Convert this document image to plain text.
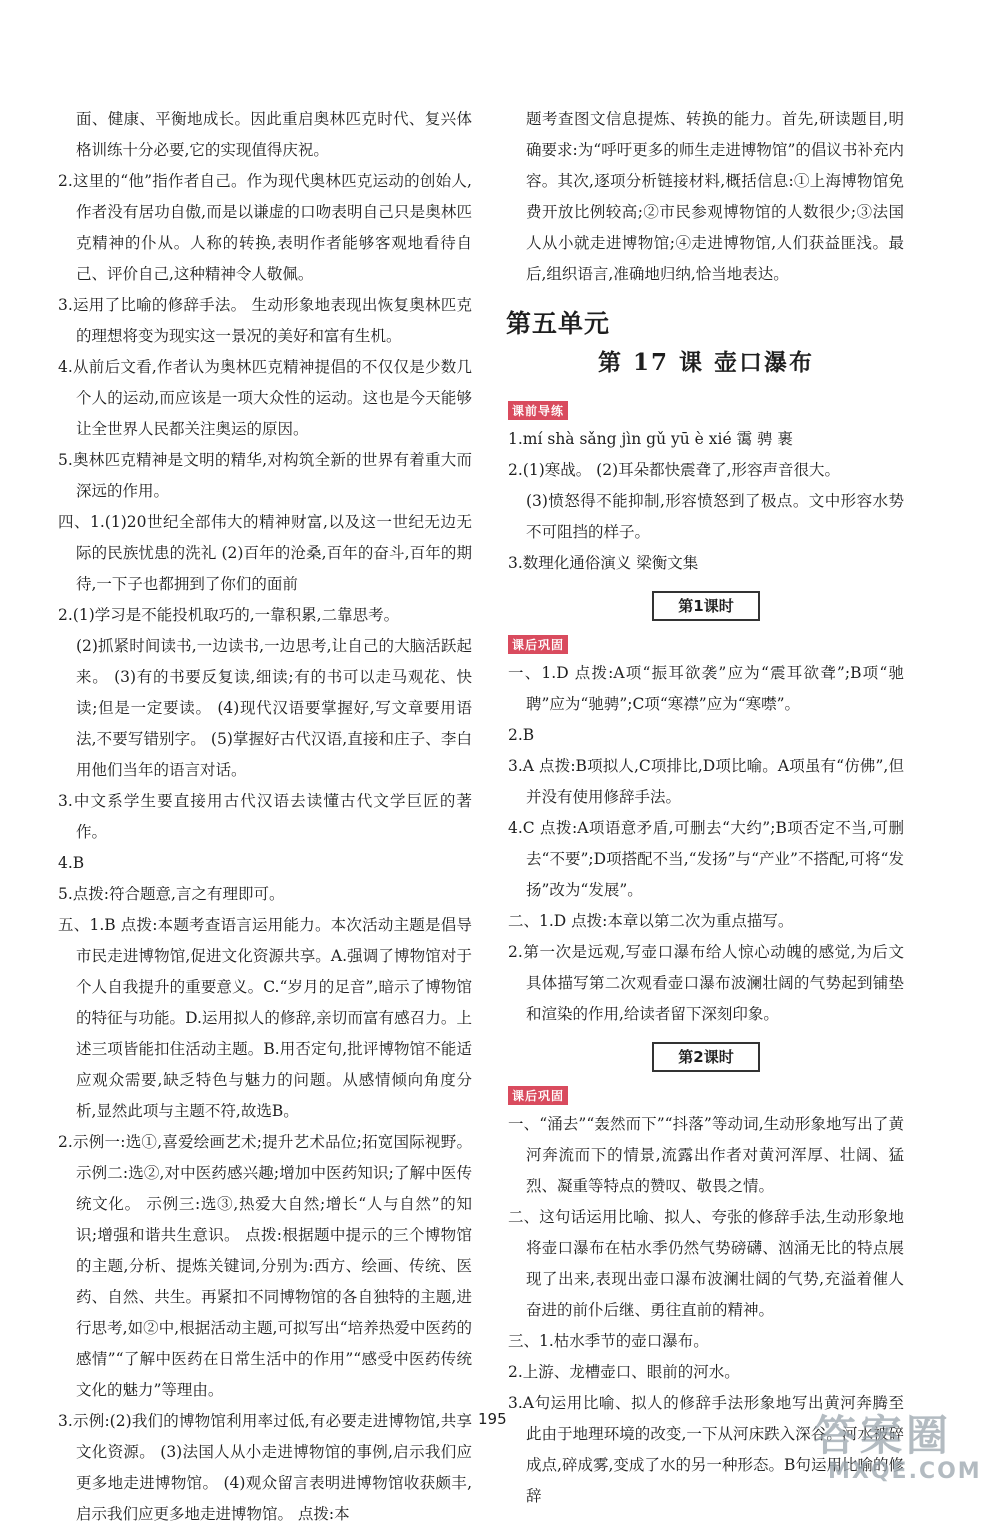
面、健康、平衡地成长。因此重启奥林匹克时代、复兴体格训练十分必要,它的实现值得庆祝。

2.这里的“他”指作者自己。作为现代奥林匹克运动的创始人,作者没有居功自傲,而是以谦虚的口吻表明自己只是奥林匹克精神的仆从。人称的转换,表明作者能够客观地看待自己、评价自己,这种精神令人敬佩。

3.运用了比喻的修辞手法。 生动形象地表现出恢复奥林匹克的理想将变为现实这一景况的美好和富有生机。

4.从前后文看,作者认为奥林匹克精神提倡的不仅仅是少数几个人的运动,而应该是一项大众性的运动。这也是今天能够让全世界人民都关注奥运的原因。

5.奥林匹克精神是文明的精华,对构筑全新的世界有着重大而深远的作用。

四、1.(1)20世纪全部伟大的精神财富,以及这一世纪无边无际的民族忧患的洗礼 (2)百年的沧桑,百年的奋斗,百年的期待,一下子也都拥到了你们的面前

2.(1)学习是不能投机取巧的,一靠积累,二靠思考。

(2)抓紧时间读书,一边读书,一边思考,让自己的大脑活跃起来。 (3)有的书要反复读,细读;有的书可以走马观花、快读;但是一定要读。 (4)现代汉语要掌握好,写文章要用语法,不要写错别字。 (5)掌握好古代汉语,直接和庄子、李白用他们当年的语言对话。

3.中文系学生要直接用古代汉语去读懂古代文学巨匠的著作。

4.B

5.点拨:符合题意,言之有理即可。

五、1.B 点拨:本题考查语言运用能力。本次活动主题是倡导市民走进博物馆,促进文化资源共享。A.强调了博物馆对于个人自我提升的重要意义。C.“岁月的足音”,暗示了博物馆的特征与功能。D.运用拟人的修辞,亲切而富有感召力。上述三项皆能扣住活动主题。B.用否定句,批评博物馆不能适应观众需要,缺乏特色与魅力的问题。从感情倾向角度分析,显然此项与主题不符,故选B。

2.示例一:选①,喜爱绘画艺术;提升艺术品位;拓宽国际视野。 示例二:选②,对中医药感兴趣;增加中医药知识;了解中医传统文化。 示例三:选③,热爱大自然;增长“人与自然”的知识;增强和谐共生意识。 点拨:根据题中提示的三个博物馆的主题,分析、提炼关键词,分别为:西方、绘画、传统、医药、自然、共生。再紧扣不同博物馆的各自独特的主题,进行思考,如②中,根据活动主题,可拟写出“培养热爱中医药的感情”“了解中医药在日常生活中的作用”“感受中医药传统文化的魅力”等理由。

3.示例:(2)我们的博物馆利用率过低,有必要走进博物馆,共享文化资源。 (3)法国人从小走进博物馆的事例,启示我们应更多地走进博物馆。 (4)观众留言表明进博物馆收获颇丰,启示我们应更多地走进博物馆。 点拨:本

题考查图文信息提炼、转换的能力。首先,研读题目,明确要求:为“呼吁更多的师生走进博物馆”的倡议书补充内容。其次,逐项分析链接材料,概括信息:①上海博物馆免费开放比例较高;②市民参观博物馆的人数很少;③法国人从小就走进博物馆;④走进博物馆,人们获益匪浅。最后,组织语言,准确地归纳,恰当地表达。

第五单元
第 17 课 壶口瀑布
课前导练

1.mí shà sǎng jìn gǔ yū è xié 霭 骋 裹

2.(1)寒战。 (2)耳朵都快震聋了,形容声音很大。

(3)愤怒得不能抑制,形容愤怒到了极点。文中形容水势不可阻挡的样子。

3.数理化通俗演义 梁衡文集

第1课时
课后巩固

一、1.D 点拨:A项“振耳欲袭”应为“震耳欲聋”;B项“驰聘”应为“驰骋”;C项“寒襟”应为“寒噤”。

2.B

3.A 点拨:B项拟人,C项排比,D项比喻。A项虽有“仿佛”,但并没有使用修辞手法。

4.C 点拨:A项语意矛盾,可删去“大约”;B项否定不当,可删去“不要”;D项搭配不当,“发扬”与“产业”不搭配,可将“发扬”改为“发展”。

二、1.D 点拨:本章以第二次为重点描写。

2.第一次是远观,写壶口瀑布给人惊心动魄的感觉,为后文具体描写第二次观看壶口瀑布波澜壮阔的气势起到铺垫和渲染的作用,给读者留下深刻印象。

第2课时
课后巩固

一、“涌去”“轰然而下”“抖落”等动词,生动形象地写出了黄河奔流而下的情景,流露出作者对黄河浑厚、壮阔、猛烈、凝重等特点的赞叹、敬畏之情。

二、这句话运用比喻、拟人、夸张的修辞手法,生动形象地将壶口瀑布在枯水季仍然气势磅礴、汹涌无比的特点展现了出来,表现出壶口瀑布波澜壮阔的气势,充溢着催人奋进的前仆后继、勇往直前的精神。

三、1.枯水季节的壶口瀑布。

2.上游、龙槽壶口、眼前的河水。

3.A句运用比喻、拟人的修辞手法形象地写出黄河奔腾至此由于地理环境的改变,一下从河床跌入深谷。河水被碎成点,碎成雾,变成了水的另一种形态。B句运用比喻的修辞

195	答案圈
MXQE.COM
